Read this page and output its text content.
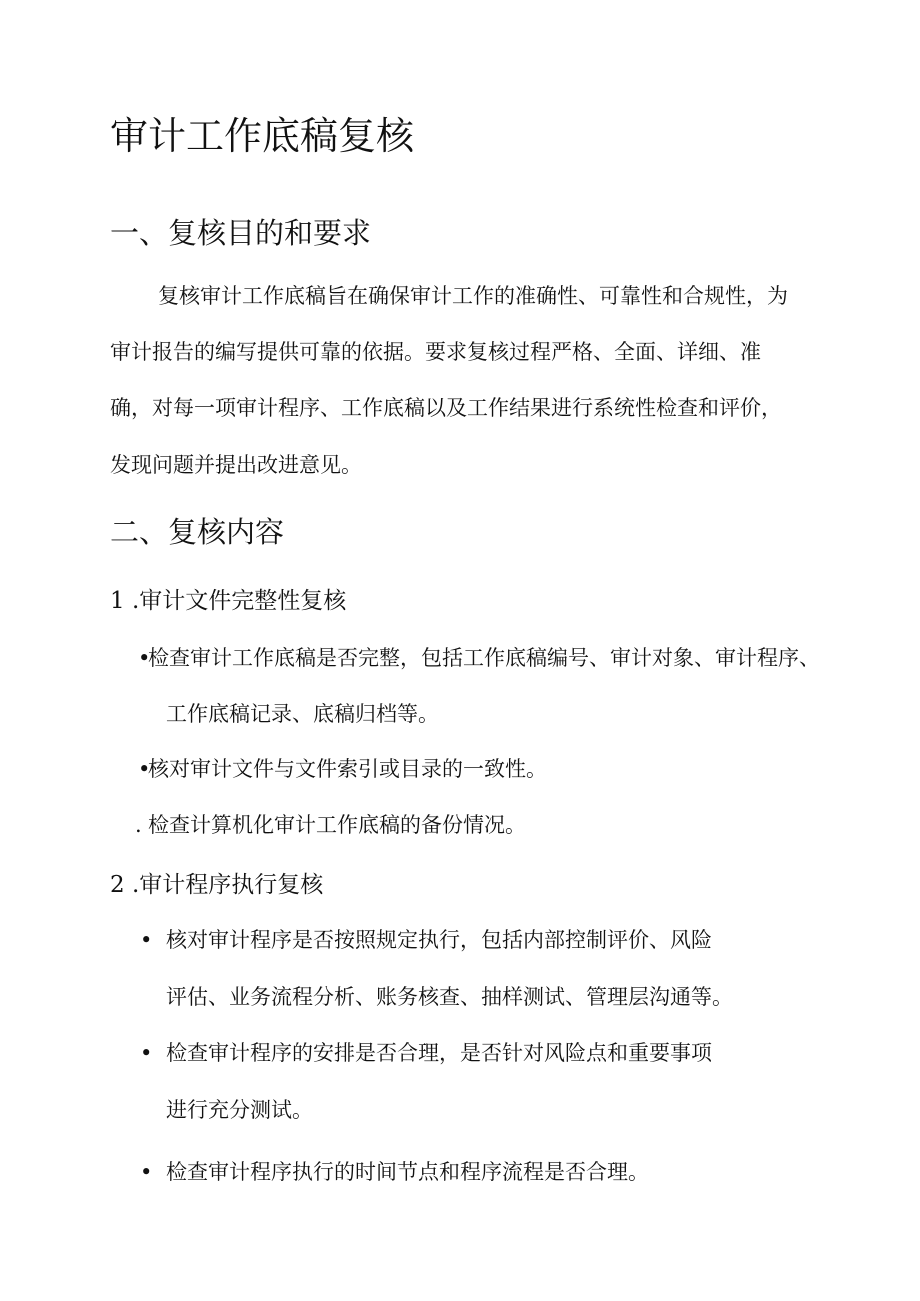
审计工作底稿复核
一、复核目的和要求
复核审计工作底稿旨在确保审计工作的准确性、可靠性和合规性，为
审计报告的编写提供可靠的依据。要求复核过程严格、全面、详细、准
确，对每一项审计程序、工作底稿以及工作结果进行系统性检查和评价，
发现问题并提出改进意见。
二、复核内容
1 .审计文件完整性复核
•
检查审计工作底稿是否完整，包括工作底稿编号、审计对象、审计程序、
工作底稿记录、底稿归档等。
•
核对审计文件与文件索引或目录的一致性。
. 检查计算机化审计工作底稿的备份情况。
2 .审计程序执行复核
• 核对审计程序是否按照规定执行，包括内部控制评价、风险
评估、业务流程分析、账务核查、抽样测试、管理层沟通等。
• 检查审计程序的安排是否合理，是否针对风险点和重要事项
进行充分测试。
• 检查审计程序执行的时间节点和程序流程是否合理。
